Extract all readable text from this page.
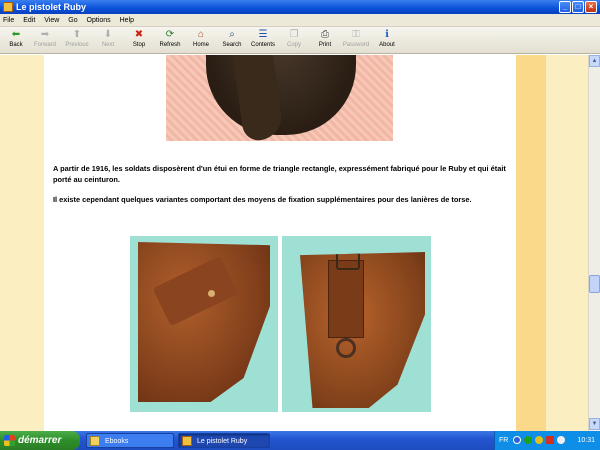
Le pistolet Ruby	_	□	×
File Edit View Go Options Help
⬅
Back
➡
Forward
⬆
Previous
⬇
Next
✖
Stop
⟳
Refresh
⌂
Home
⌕
Search
☰
Contents
❐
Copy
⎙
Print
⚿
Password
ℹ
About

A partir de 1916, les soldats disposèrent d'un étui en forme de triangle rectangle, expressément fabriqué pour le Ruby et qui était porté au ceinturon.

Il existe cependant quelques variantes comportant des moyens de fixation supplémentaires pour des lanières de torse.

▲
▼
démarrer	Ebooks	Le pistolet Ruby	FR	10:31
